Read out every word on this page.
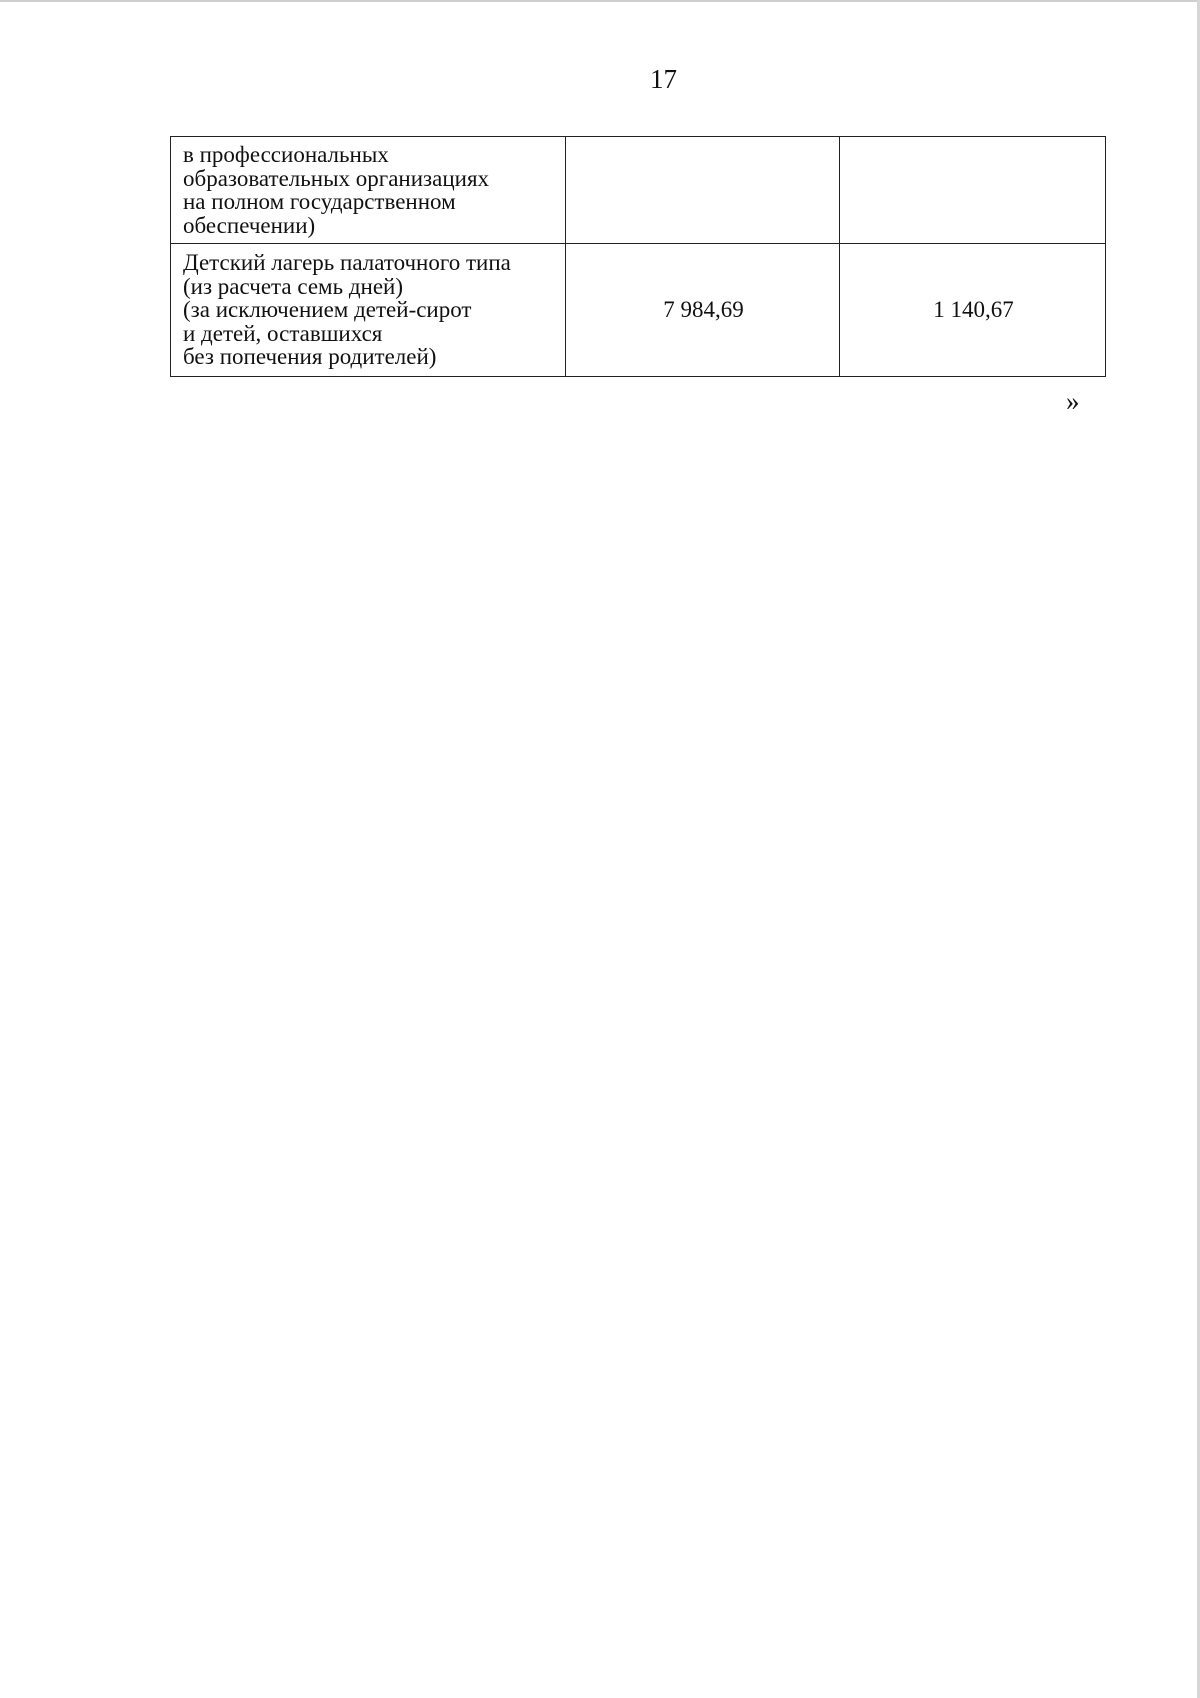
17
в профессиональных
образовательных организациях
на полном государственном
обеспечении)		
Детский лагерь палаточного типа
(из расчета семь дней)
(за исключением детей-сирот
и детей, оставшихся
без попечения родителей)	7 984,69	1 140,67
»
